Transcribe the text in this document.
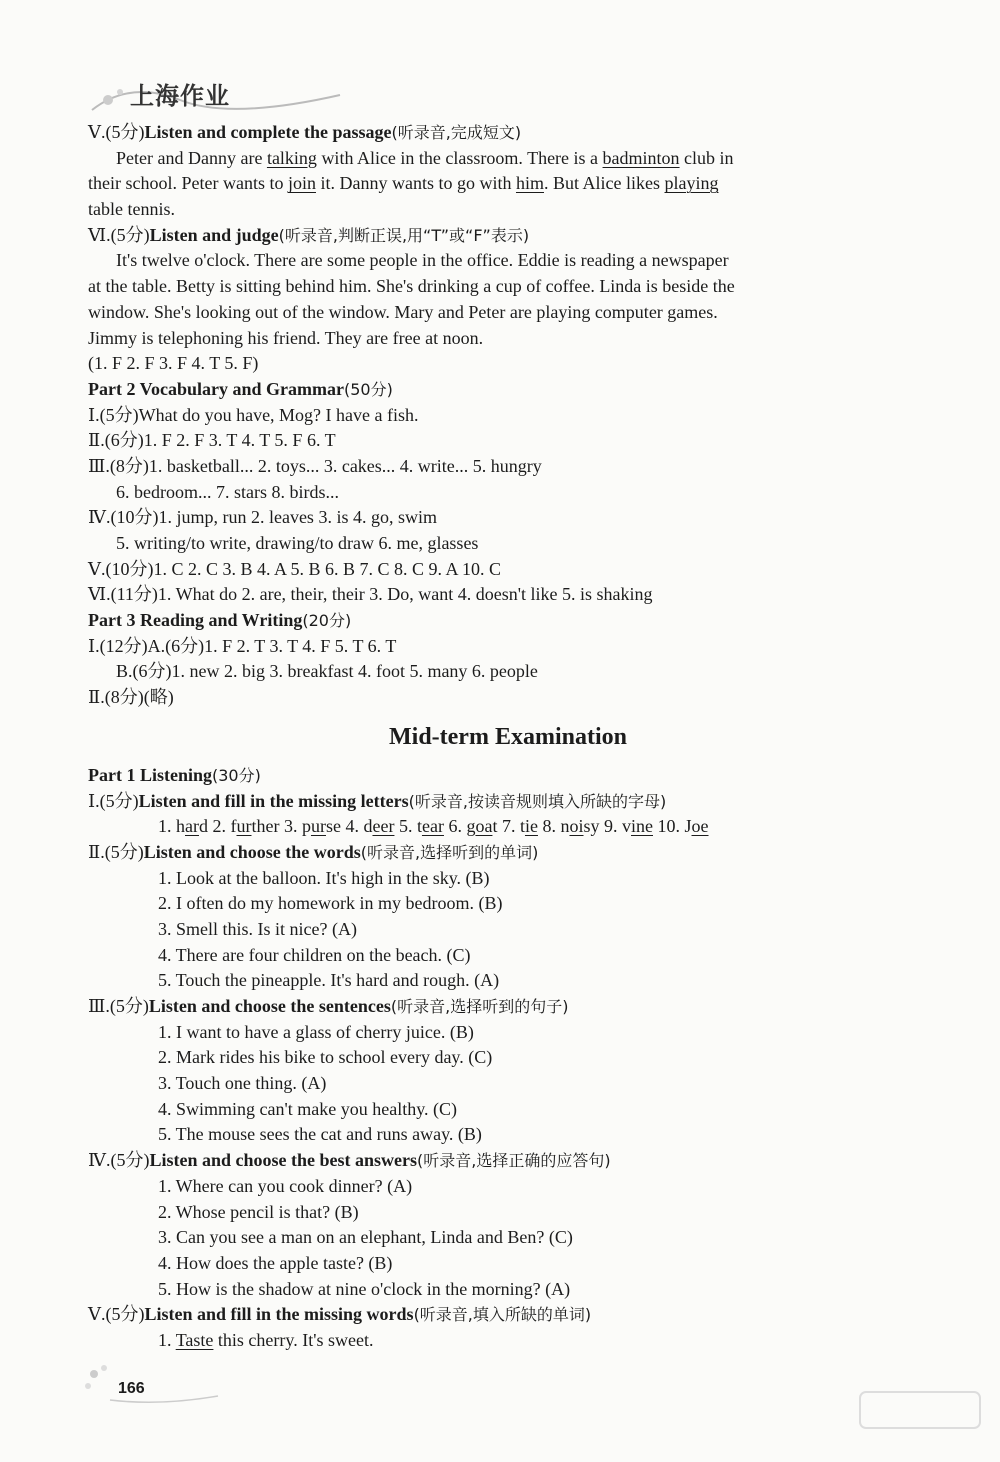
上海作业
Ⅴ.(5分)Listen and complete the passage(听录音,完成短文)
Peter and Danny are talking with Alice in the classroom. There is a badminton club in
their school. Peter wants to join it. Danny wants to go with him. But Alice likes playing
table tennis.
Ⅵ.(5分)Listen and judge(听录音,判断正误,用“T”或“F”表示)
It's twelve o'clock. There are some people in the office. Eddie is reading a newspaper
at the table. Betty is sitting behind him. She's drinking a cup of coffee. Linda is beside the
window. She's looking out of the window. Mary and Peter are playing computer games.
Jimmy is telephoning his friend. They are free at noon.
(1. F 2. F 3. F 4. T 5. F)
Part 2 Vocabulary and Grammar(50分)
Ⅰ.(5分)What do you have, Mog? I have a fish.
Ⅱ.(6分)1. F 2. F 3. T 4. T 5. F 6. T
Ⅲ.(8分)1. basketball... 2. toys... 3. cakes... 4. write... 5. hungry
6. bedroom... 7. stars 8. birds...
Ⅳ.(10分)1. jump, run 2. leaves 3. is 4. go, swim
5. writing/to write, drawing/to draw 6. me, glasses
Ⅴ.(10分)1. C 2. C 3. B 4. A 5. B 6. B 7. C 8. C 9. A 10. C
Ⅵ.(11分)1. What do 2. are, their, their 3. Do, want 4. doesn't like 5. is shaking
Part 3 Reading and Writing(20分)
Ⅰ.(12分)A.(6分)1. F 2. T 3. T 4. F 5. T 6. T
B.(6分)1. new 2. big 3. breakfast 4. foot 5. many 6. people
Ⅱ.(8分)(略)
Mid-term Examination
Part 1 Listening(30分)
Ⅰ.(5分)Listen and fill in the missing letters(听录音,按读音规则填入所缺的字母)
1. hard 2. further 3. purse 4. deer 5. tear 6. goat 7. tie 8. noisy 9. vine 10. Joe
Ⅱ.(5分)Listen and choose the words(听录音,选择听到的单词)
1. Look at the balloon. It's high in the sky. (B)
2. I often do my homework in my bedroom. (B)
3. Smell this. Is it nice? (A)
4. There are four children on the beach. (C)
5. Touch the pineapple. It's hard and rough. (A)
Ⅲ.(5分)Listen and choose the sentences(听录音,选择听到的句子)
1. I want to have a glass of cherry juice. (B)
2. Mark rides his bike to school every day. (C)
3. Touch one thing. (A)
4. Swimming can't make you healthy. (C)
5. The mouse sees the cat and runs away. (B)
Ⅳ.(5分)Listen and choose the best answers(听录音,选择正确的应答句)
1. Where can you cook dinner? (A)
2. Whose pencil is that? (B)
3. Can you see a man on an elephant, Linda and Ben? (C)
4. How does the apple taste? (B)
5. How is the shadow at nine o'clock in the morning? (A)
Ⅴ.(5分)Listen and fill in the missing words(听录音,填入所缺的单词)
1. Taste this cherry. It's sweet.
166
